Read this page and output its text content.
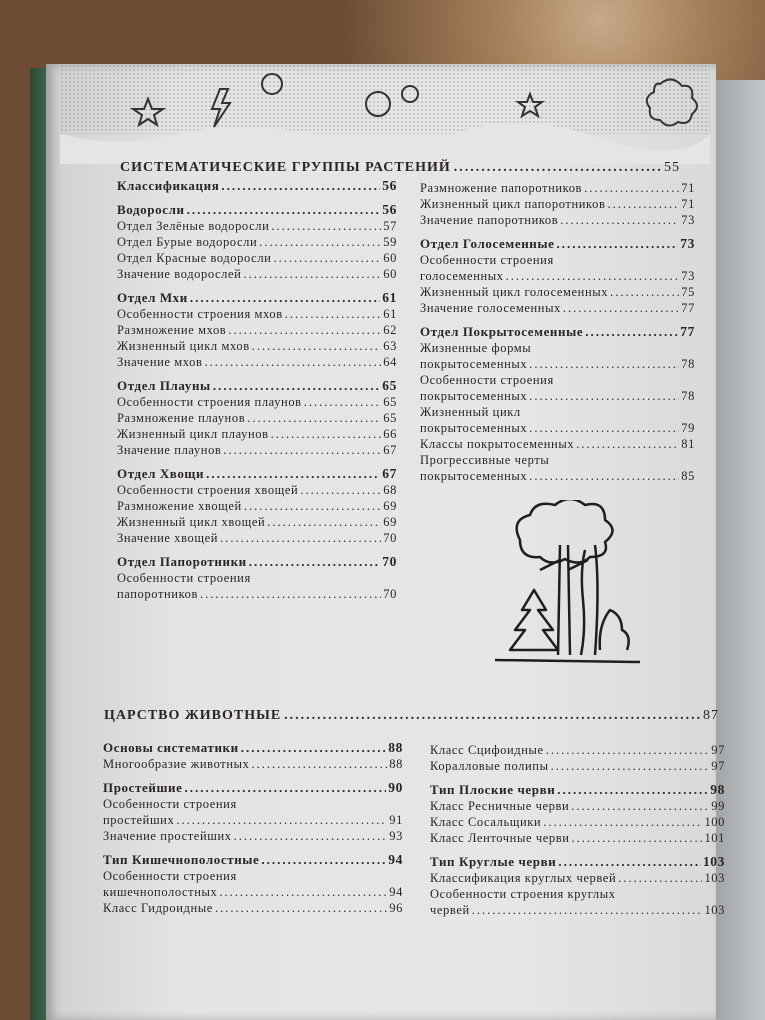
СИСТЕМАТИЧЕСКИЕ ГРУППЫ РАСТЕНИЙ .....	55
Классификация .....	56
Водоросли .....	56
Отдел Зелёные водоросли .....	57
Отдел Бурые водоросли .....	59
Отдел Красные водоросли .....	60
Значение водорослей .....	60
Отдел Мхи .....	61
Особенности строения мхов .....	61
Размножение мхов .....	62
Жизненный цикл мхов .....	63
Значение мхов .....	64
Отдел Плауны .....	65
Особенности строения плаунов .....	65
Размножение плаунов .....	65
Жизненный цикл плаунов .....	66
Значение плаунов .....	67
Отдел Хвощи .....	67
Особенности строения хвощей .....	68
Размножение хвощей .....	69
Жизненный цикл хвощей .....	69
Значение хвощей .....	70
Отдел Папоротники .....	70
Особенности строения
папоротников .....	70
Размножение папоротников .....	71
Жизненный цикл папоротников .....	71
Значение папоротников .....	73
Отдел Голосеменные .....	73
Особенности строения
голосеменных .....	73
Жизненный цикл голосеменных .....	75
Значение голосеменных .....	77
Отдел Покрытосеменные .....	77
Жизненные формы
покрытосеменных .....	78
Особенности строения
покрытосеменных .....	78
Жизненный цикл
покрытосеменных .....	79
Классы покрытосеменных .....	81
Прогрессивные черты
покрытосеменных .....	85
ЦАРСТВО ЖИВОТНЫЕ .....	87
Основы систематики .....	88
Многообразие животных .....	88
Простейшие .....	90
Особенности строения
простейших .....	91
Значение простейших .....	93
Тип Кишечнополостные .....	94
Особенности строения
кишечнополостных .....	94
Класс Гидроидные .....	96
Класс Сцифоидные .....	97
Коралловые полипы .....	97
Тип Плоские черви .....	98
Класс Ресничные черви .....	99
Класс Сосальщики .....	100
Класс Ленточные черви .....	101
Тип Круглые черви .....	103
Классификация круглых червей .....	103
Особенности строения круглых
червей .....	103
